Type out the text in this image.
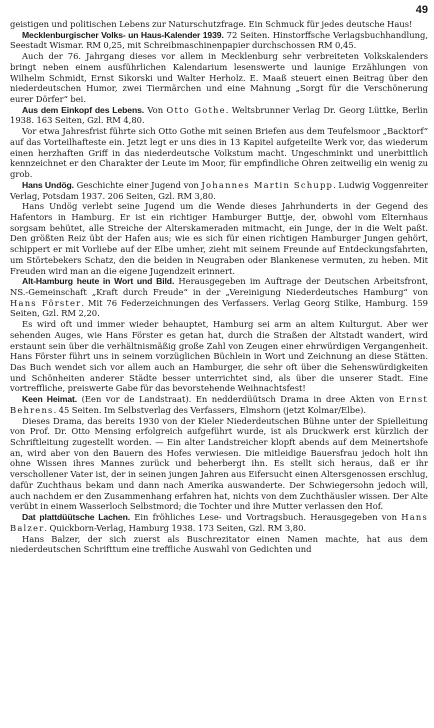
49

geistigen und politischen Lebens zur Naturschutzfrage. Ein Schmuck für jedes deutsche Haus!

Mecklenburgischer Volks- un Haus-Kalender 1939. 72 Seiten. Hinstorffsche Verlagsbuchhandlung, Seestadt Wismar. RM 0,25, mit Schreibmaschinenpapier durchschossen RM 0,45.

Auch der 76. Jahrgang dieses vor allem in Mecklenburg sehr verbreiteten Volkskalenders bringt neben einem ausführlichen Kalendarium lesenswerte und launige Erzählungen von Wilhelm Schmidt, Ernst Sikorski und Walter Herholz. E. Maaß steuert einen Beitrag über den niederdeutschen Humor, zwei Tiermärchen und eine Mahnung „Sorgt für die Verschönerung eurer Dörfer“ bei.

Aus dem Einkopf des Lebens. Von Otto Gothe. Weltsbrunner Verlag Dr. Georg Lüttke, Berlin 1938. 163 Seiten, Gzl. RM 4,80.

Vor etwa Jahresfrist führte sich Otto Gothe mit seinen Briefen aus dem Teufelsmoor „Backtorf“ auf das Vorteilhafteste ein. Jetzt legt er uns dies in 13 Kapitel aufgeteilte Werk vor, das wiederum einen herzhaften Griff in das niederdeutsche Volkstum macht. Ungeschminkt und unerbittlich kennzeichnet er den Charakter der Leute im Moor, für empfindliche Ohren zeitweilig ein wenig zu grob.

Hans Undög. Geschichte einer Jugend von Johannes Martin Schupp. Ludwig Voggenreiter Verlag, Potsdam 1937. 206 Seiten, Gzl. RM 3,80.

Hans Undög verlebt seine Jugend um die Wende dieses Jahrhunderts in der Gegend des Hafentors in Hamburg. Er ist ein richtiger Hamburger Buttje, der, obwohl vom Elternhaus sorgsam behütet, alle Streiche der Alterskameraden mitmacht, ein Junge, der in die Welt paßt. Den größten Reiz übt der Hafen aus; wie es sich für einen richtigen Hamburger Jungen gehört, schippert er mit Vorliebe auf der Elbe umher, zieht mit seinem Freunde auf Entdeckungsfahrten, um Störtebekers Schatz, den die beiden in Neugraben oder Blankenese vermuten, zu heben. Mit Freuden wird man an die eigene Jugendzeit erinnert.

Alt-Hamburg heute in Wort und Bild. Herausgegeben im Auftrage der Deutschen Arbeitsfront, NS.-Gemeinschaft „Kraft durch Freude“ in der „Vereinigung Niederdeutsches Hamburg“ von Hans Förster. Mit 76 Federzeichnungen des Verfassers. Verlag Georg Stilke, Hamburg. 159 Seiten, Gzl. RM 2,20.

Es wird oft und immer wieder behauptet, Hamburg sei arm an altem Kulturgut. Aber wer sehenden Auges, wie Hans Förster es getan hat, durch die Straßen der Altstadt wandert, wird erstaunt sein über die verhältnismäßig große Zahl von Zeugen einer ehrwürdigen Vergangenheit. Hans Förster führt uns in seinem vorzüglichen Büchlein in Wort und Zeichnung an diese Stätten. Das Buch wendet sich vor allem auch an Hamburger, die sehr oft über die Sehenswürdigkeiten und Schönheiten anderer Städte besser unterrichtet sind, als über die unserer Stadt. Eine vortreffliche, preiswerte Gabe für das bevorstehende Weihnachtsfest!

Keen Heimat. (Een vor de Landstraat). En nedderdüütsch Drama in dree Akten von Ernst Behrens. 45 Seiten. Im Selbstverlag des Verfassers, Elmshorn (jetzt Kolmar/Elbe).

Dieses Drama, das bereits 1930 von der Kieler Niederdeutschen Bühne unter der Spielleitung von Prof. Dr. Otto Mensing erfolgreich aufgeführt wurde, ist als Druckwerk erst kürzlich der Schriftleitung zugestellt worden. — Ein alter Landstreicher klopft abends auf dem Meinertshofe an, wird aber von den Bauern des Hofes verwiesen. Die mitleidige Bauersfrau jedoch holt ihn ohne Wissen ihres Mannes zurück und beherbergt ihn. Es stellt sich heraus, daß er ihr verschollener Vater ist, der in seinen jungen Jahren aus Eifersucht einen Altersgenossen erschlug, dafür Zuchthaus bekam und dann nach Amerika auswanderte. Der Schwiegersohn jedoch will, auch nachdem er den Zusammenhang erfahren hat, nichts von dem Zuchthäusler wissen. Der Alte verübt in einem Wasserloch Selbstmord; die Tochter und ihre Mutter verlassen den Hof.

Dat plattdüütsche Lachen. Ein fröhliches Lese- und Vortragsbuch. Herausgegeben von Hans Balzer. Quickborn-Verlag, Hamburg 1938. 173 Seiten, Gzl. RM 3,80.

Hans Balzer, der sich zuerst als Buschrezitator einen Namen machte, hat aus dem niederdeutschen Schrifttum eine treffliche Auswahl von Gedichten und
